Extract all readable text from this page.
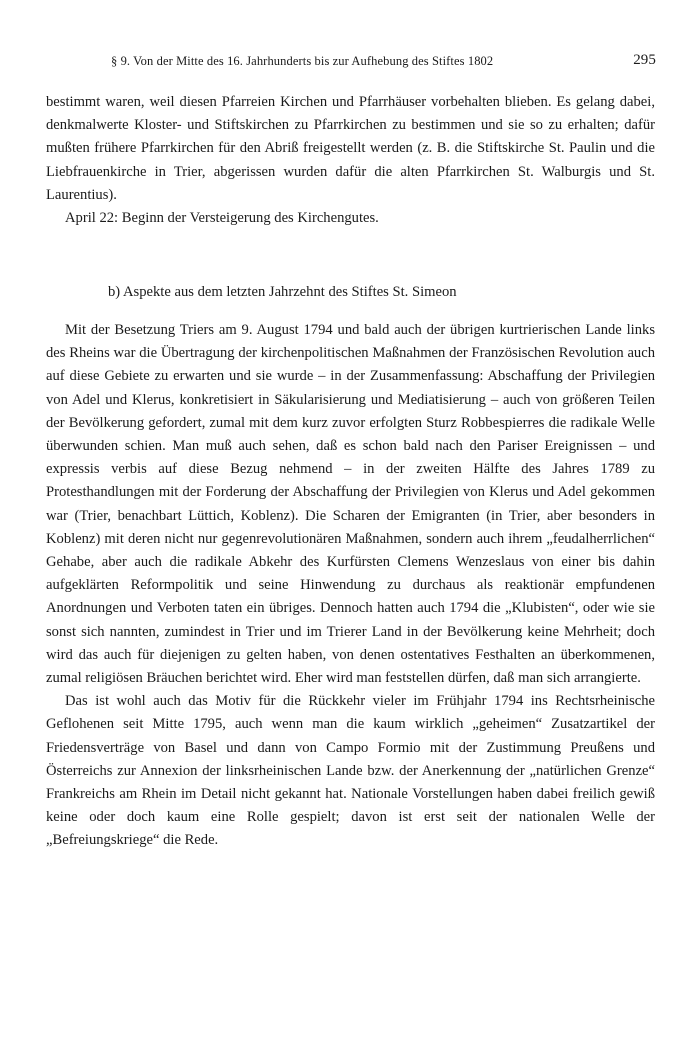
§ 9. Von der Mitte des 16. Jahrhunderts bis zur Aufhebung des Stiftes 1802	295

bestimmt waren, weil diesen Pfarreien Kirchen und Pfarrhäuser vorbehalten blieben. Es gelang dabei, denkmalwerte Kloster- und Stiftskirchen zu Pfarrkirchen zu bestimmen und sie so zu erhalten; dafür mußten frühere Pfarrkirchen für den Abriß freigestellt werden (z. B. die Stiftskirche St. Paulin und die Liebfrauenkirche in Trier, abgerissen wurden dafür die alten Pfarrkirchen St. Walburgis und St. Laurentius).

April 22: Beginn der Versteigerung des Kirchengutes.

b) Aspekte aus dem letzten Jahrzehnt des Stiftes St. Simeon

Mit der Besetzung Triers am 9. August 1794 und bald auch der übrigen kurtrierischen Lande links des Rheins war die Übertragung der kirchenpolitischen Maßnahmen der Französischen Revolution auch auf diese Gebiete zu erwarten und sie wurde – in der Zusammenfassung: Abschaffung der Privilegien von Adel und Klerus, konkretisiert in Säkularisierung und Mediatisierung – auch von größeren Teilen der Bevölkerung gefordert, zumal mit dem kurz zuvor erfolgten Sturz Robbespierres die radikale Welle überwunden schien. Man muß auch sehen, daß es schon bald nach den Pariser Ereignissen – und expressis verbis auf diese Bezug nehmend – in der zweiten Hälfte des Jahres 1789 zu Protesthandlungen mit der Forderung der Abschaffung der Privilegien von Klerus und Adel gekommen war (Trier, benachbart Lüttich, Koblenz). Die Scharen der Emigranten (in Trier, aber besonders in Koblenz) mit deren nicht nur gegenrevolutionären Maßnahmen, sondern auch ihrem „feudalherrlichen“ Gehabe, aber auch die radikale Abkehr des Kurfürsten Clemens Wenzeslaus von einer bis dahin aufgeklärten Reformpolitik und seine Hinwendung zu durchaus als reaktionär empfundenen Anordnungen und Verboten taten ein übriges. Dennoch hatten auch 1794 die „Klubisten“, oder wie sie sonst sich nannten, zumindest in Trier und im Trierer Land in der Bevölkerung keine Mehrheit; doch wird das auch für diejenigen zu gelten haben, von denen ostentatives Festhalten an überkommenen, zumal religiösen Bräuchen berichtet wird. Eher wird man feststellen dürfen, daß man sich arrangierte.

Das ist wohl auch das Motiv für die Rückkehr vieler im Frühjahr 1794 ins Rechtsrheinische Geflohenen seit Mitte 1795, auch wenn man die kaum wirklich „geheimen“ Zusatzartikel der Friedensverträge von Basel und dann von Campo Formio mit der Zustimmung Preußens und Österreichs zur Annexion der linksrheinischen Lande bzw. der Anerkennung der „natürlichen Grenze“ Frankreichs am Rhein im Detail nicht gekannt hat. Nationale Vorstellungen haben dabei freilich gewiß keine oder doch kaum eine Rolle gespielt; davon ist erst seit der nationalen Welle der „Befreiungskriege“ die Rede.
